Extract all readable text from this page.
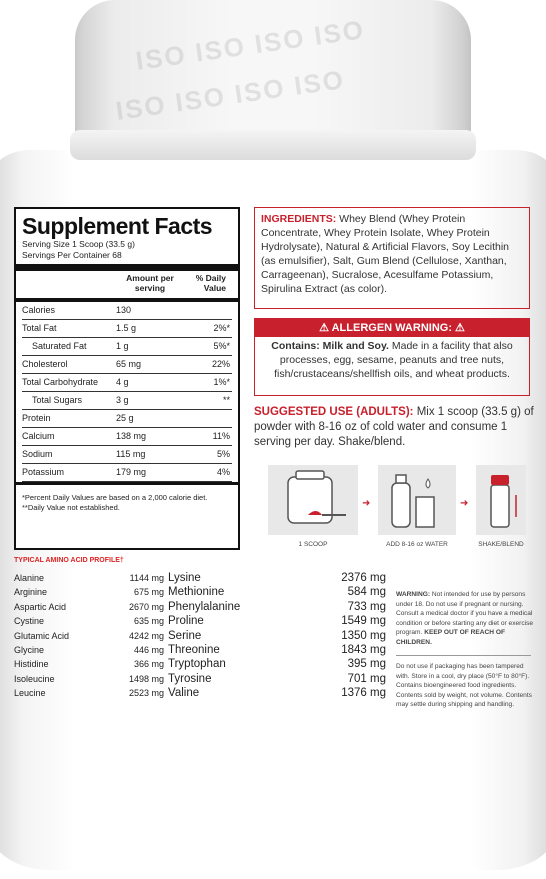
ISO ISO ISO ISO
ISO ISO ISO ISO
Supplement Facts
Serving Size 1 Scoop (33.5 g)
Servings Per Container 68
Amount per serving
% Daily Value
Calories	130
Total Fat	1.5 g	2%*
Saturated Fat	1 g	5%*
Cholesterol	65 mg	22%
Total Carbohydrate 4 g	1%*
Total Sugars	3 g	**
Protein	25 g
Calcium	138 mg	11%
Sodium	115 mg	5%
Potassium	179 mg	4%
*Percent Daily Values are based on a 2,000 calorie diet.
**Daily Value not established.
TYPICAL AMINO ACID PROFILE†
Alanine	1144 mg
Arginine	675 mg
Aspartic Acid	2670 mg
Cystine	635 mg
Glutamic Acid	4242 mg
Glycine	446 mg
Histidine	366 mg
Isoleucine	1498 mg
Leucine	2523 mg
Lysine	2376 mg
Methionine	584 mg
Phenylalanine	733 mg
Proline	1549 mg
Serine	1350 mg
Threonine	1843 mg
Tryptophan	395 mg
Tyrosine	701 mg
Valine	1376 mg
INGREDIENTS: Whey Blend (Whey Protein Concentrate, Whey Protein Isolate, Whey Protein Hydrolysate), Natural & Artificial Flavors, Soy Lecithin (as emulsifier), Salt, Gum Blend (Cellulose, Xanthan, Carrageenan), Sucralose, Acesulfame Potassium, Spirulina Extract (as color).
⚠ ALLERGEN WARNING: ⚠
Contains: Milk and Soy. Made in a facility that also processes, egg, sesame, peanuts and tree nuts, fish/crustaceans/shellfish oils, and wheat products.
SUGGESTED USE (ADULTS): Mix 1 scoop (33.5 g) of powder with 8-16 oz of cold water and consume 1 serving per day. Shake/blend.
➜	➜
1 SCOOP	ADD 8-16 oz WATER	SHAKE/BLEND
WARNING: Not intended for use by persons under 18. Do not use if pregnant or nursing. Consult a medical doctor if you have a medical condition or before starting any diet or exercise program. KEEP OUT OF REACH OF CHILDREN.
Do not use if packaging has been tampered with. Store in a cool, dry place (50°F to 80°F). Contains bioengineered food ingredients. Contents sold by weight, not volume. Contents may settle during shipping and handling.
